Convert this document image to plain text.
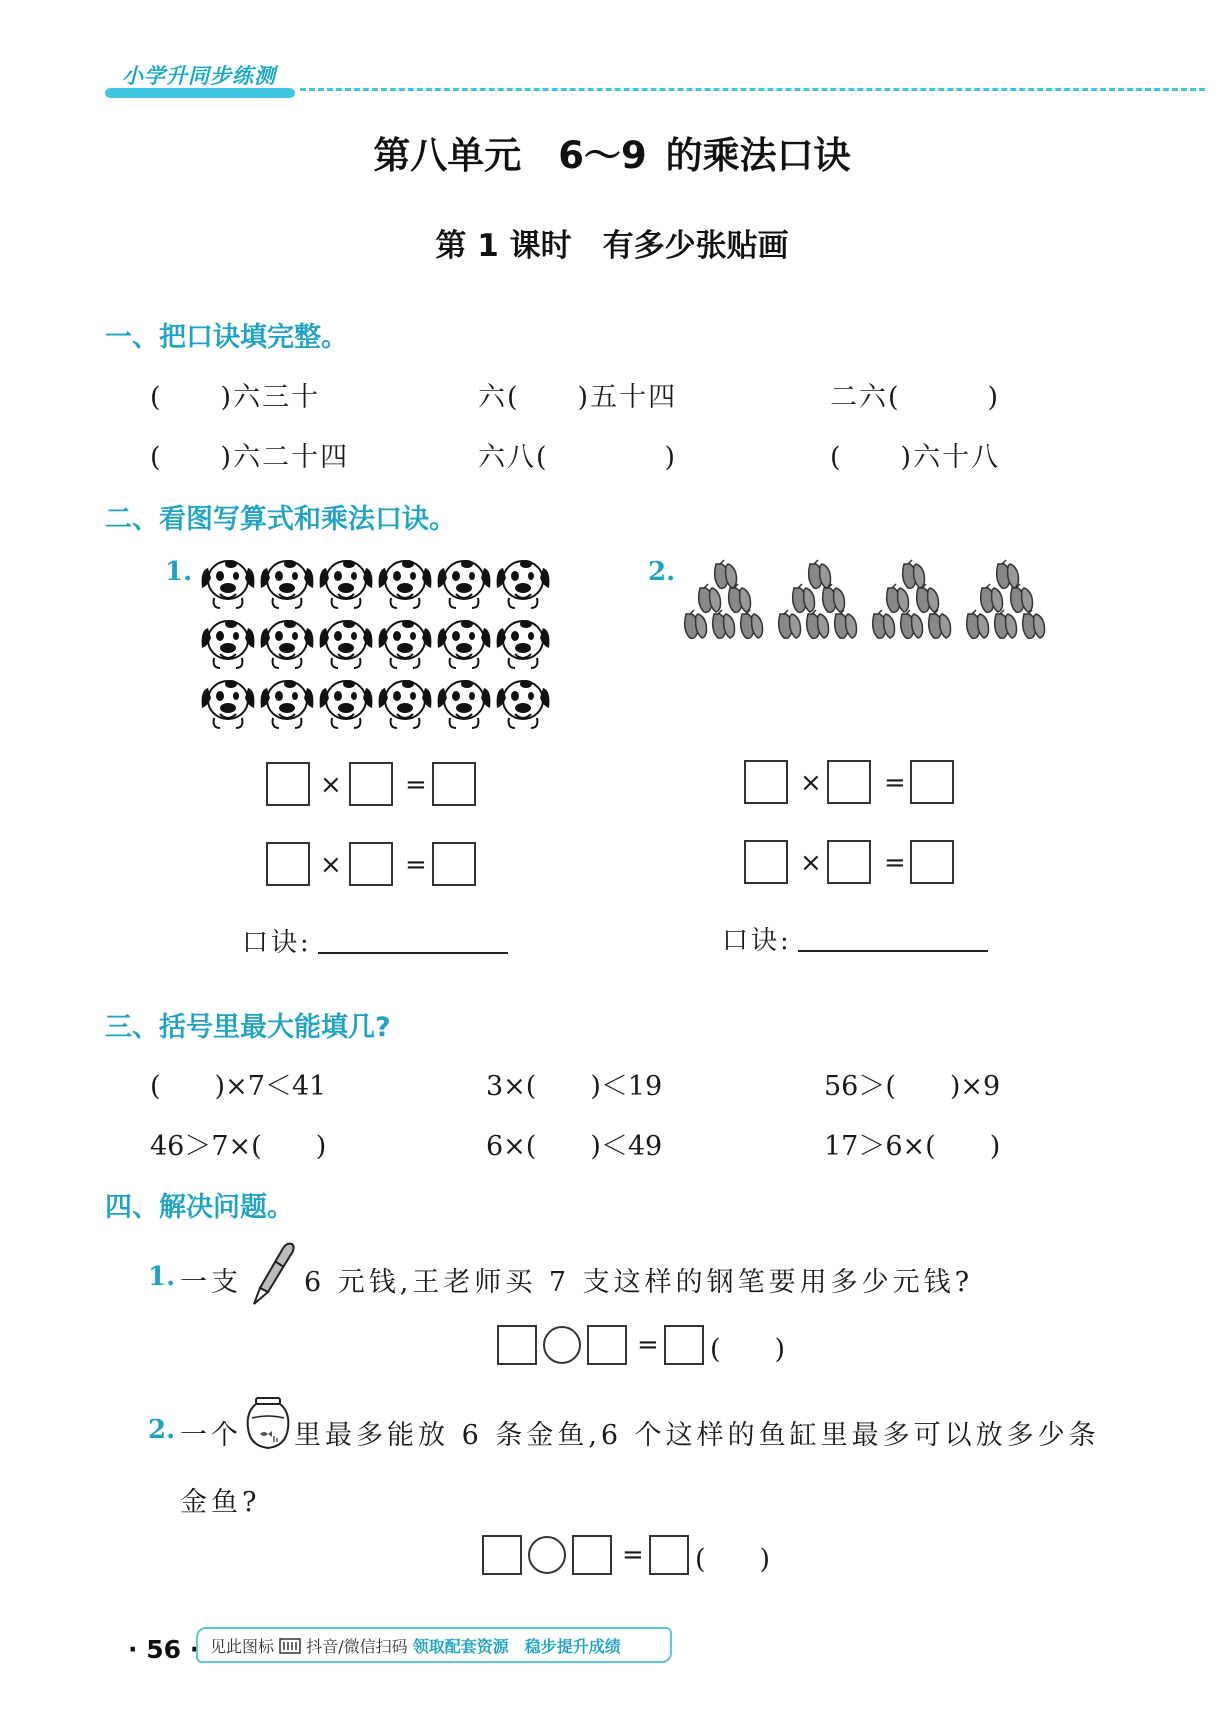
小学升同步练测
第八单元　6～9 的乘法口诀
第 1 课时　有多少张贴画
一、把口诀填完整。
(　　)六三十	六(　　)五十四	二六(　　　)
(　　)六二十四	六八(　　　　)	(　　)六十八
二、看图写算式和乘法口诀。
1.	2.
× =
× =
口诀:
× =
× =
口诀:
三、括号里最大能填几?
(　　)×7＜41	3×(　　)＜19	56＞(　　)×9
46＞7×(　　)	6×(　　)＜49	17＞6×(　　)
四、解决问题。
1. 一支 6 元钱,王老师买 7 支这样的钢笔要用多少元钱?
= (　　)
2. 一个 里最多能放 6 条金鱼,6 个这样的鱼缸里最多可以放多少条
金鱼?
= (　　)
· 56 · 见此图标 抖音/微信扫码 领取配套资源　稳步提升成绩
